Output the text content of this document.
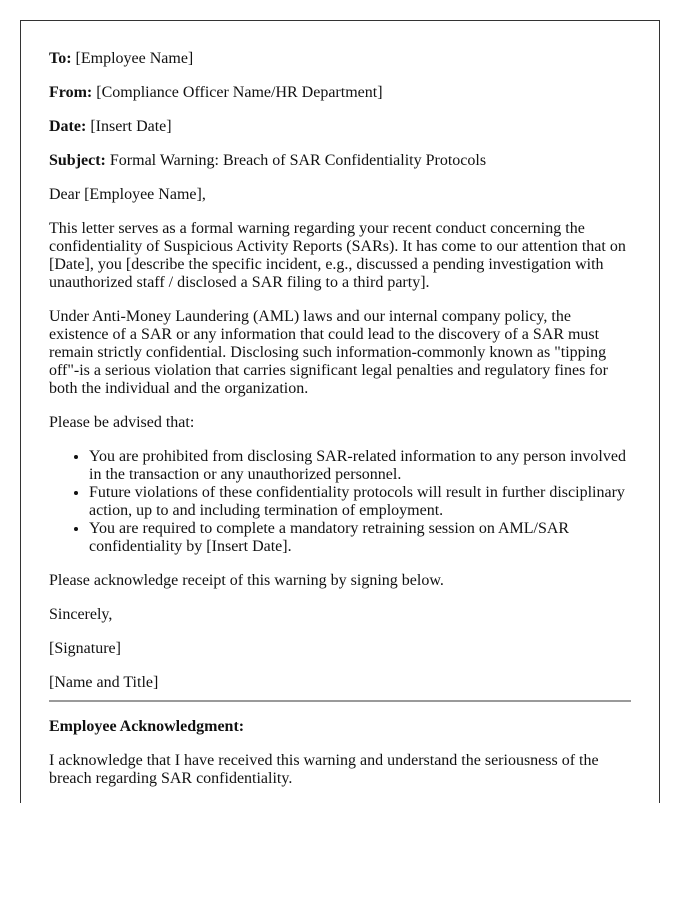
To: [Employee Name]

From: [Compliance Officer Name/HR Department]

Date: [Insert Date]

Subject: Formal Warning: Breach of SAR Confidentiality Protocols

Dear [Employee Name],

This letter serves as a formal warning regarding your recent conduct concerning the confidentiality of Suspicious Activity Reports (SARs). It has come to our attention that on [Date], you [describe the specific incident, e.g., discussed a pending investigation with unauthorized staff / disclosed a SAR filing to a third party].

Under Anti-Money Laundering (AML) laws and our internal company policy, the existence of a SAR or any information that could lead to the discovery of a SAR must remain strictly confidential. Disclosing such information-commonly known as "tipping off"-is a serious violation that carries significant legal penalties and regulatory fines for both the individual and the organization.

Please be advised that:

• You are prohibited from disclosing SAR-related information to any person involved in the transaction or any unauthorized personnel.
• Future violations of these confidentiality protocols will result in further disciplinary action, up to and including termination of employment.
• You are required to complete a mandatory retraining session on AML/SAR confidentiality by [Insert Date].

Please acknowledge receipt of this warning by signing below.

Sincerely,

[Signature]

[Name and Title]

Employee Acknowledgment:

I acknowledge that I have received this warning and understand the seriousness of the breach regarding SAR confidentiality.
